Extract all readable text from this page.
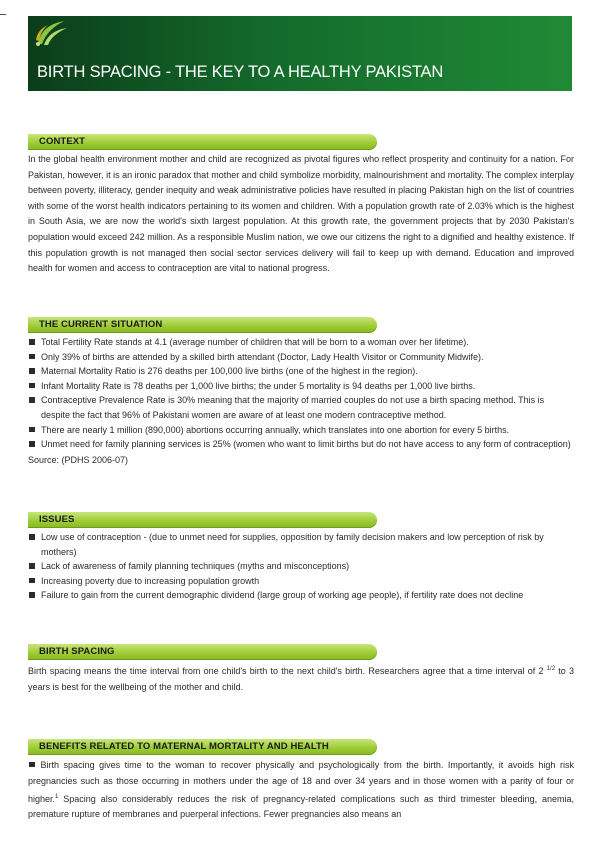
BIRTH SPACING - THE KEY TO A HEALTHY PAKISTAN
CONTEXT
In the global health environment mother and child are recognized as pivotal figures who reflect prosperity and continuity for a nation. For Pakistan, however, it is an ironic paradox that mother and child symbolize morbidity, malnourishment and mortality. The complex interplay between poverty, illiteracy, gender inequity and weak administrative policies have resulted in placing Pakistan high on the list of countries with some of the worst health indicators pertaining to its women and children. With a population growth rate of 2.03% which is the highest in South Asia, we are now the world's sixth largest population. At this growth rate, the government projects that by 2030 Pakistan's population would exceed 242 million. As a responsible Muslim nation, we owe our citizens the right to a dignified and healthy existence. If this population growth is not managed then social sector services delivery will fail to keep up with demand. Education and improved health for women and access to contraception are vital to national progress.
THE CURRENT SITUATION
Total Fertility Rate stands at 4.1 (average number of children that will be born to a woman over her lifetime).
Only 39% of births are attended by a skilled birth attendant (Doctor, Lady Health Visitor or Community Midwife).
Maternal Mortality Ratio is 276 deaths per 100,000 live births (one of the highest in the region).
Infant Mortality Rate is 78 deaths per 1,000 live births; the under 5 mortality is 94 deaths per 1,000 live births.
Contraceptive Prevalence Rate is 30% meaning that the majority of married couples do not use a birth spacing method. This is despite the fact that 96% of Pakistani women are aware of at least one modern contraceptive method.
There are nearly 1 million (890,000) abortions occurring annually, which translates into one abortion for every 5 births.
Unmet need for family planning services is 25% (women who want to limit births but do not have access to any form of contraception)
Source: (PDHS 2006-07)
ISSUES
Low use of contraception - (due to unmet need for supplies, opposition by family decision makers and low perception of risk by mothers)
Lack of awareness of family planning techniques (myths and misconceptions)
Increasing poverty due to increasing population growth
Failure to gain from the current demographic dividend (large group of working age people), if fertility rate does not decline
BIRTH SPACING
Birth spacing means the time interval from one child's birth to the next child's birth. Researchers agree that a time interval of 2 $^{1/2}$ to 3 years is best for the wellbeing of the mother and child.
BENEFITS RELATED TO MATERNAL MORTALITY AND HEALTH
Birth spacing gives time to the woman to recover physically and psychologically from the birth. Importantly, it avoids high risk pregnancies such as those occurring in mothers under the age of 18 and over 34 years and in those women with a parity of four or higher.$^1$ Spacing also considerably reduces the risk of pregnancy-related complications such as third trimester bleeding, anemia, premature rupture of membranes and puerperal infections. Fewer pregnancies also means an
